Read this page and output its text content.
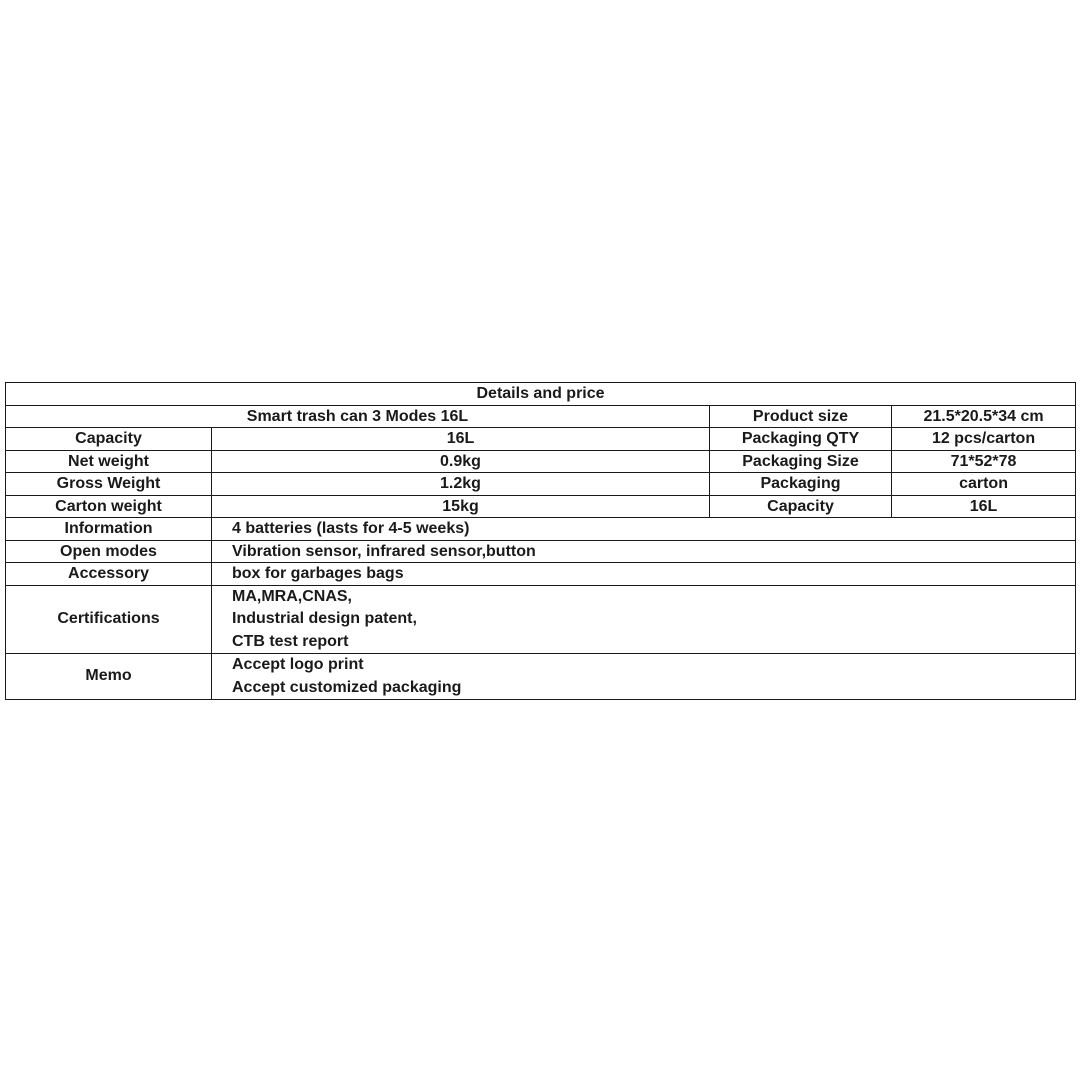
Details and price			
Smart trash can 3 Modes 16L		Product size	21.5*20.5*34 cm
Capacity	16L	Packaging QTY	12 pcs/carton
Net weight	0.9kg	Packaging Size	71*52*78
Gross Weight	1.2kg	Packaging	carton
Carton weight	15kg	Capacity	16L
Information	4 batteries (lasts for 4-5 weeks)		
Open modes	Vibration sensor, infrared sensor,button		
Accessory	box for garbages bags		
Certifications	MA,MRA,CNAS,
Industrial design patent,
CTB test report		

Memo	Accept logo print
Accept customized packaging		
